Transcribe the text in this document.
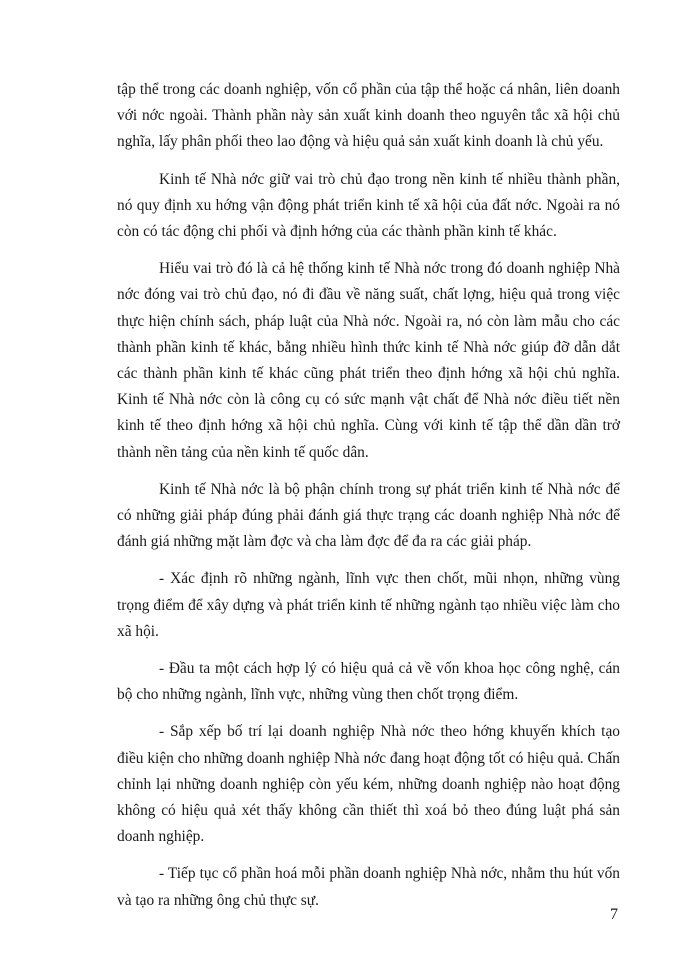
tập thể trong các doanh nghiệp, vốn cổ phần của tập thể hoặc cá nhân, liên doanh với nớc ngoài. Thành phần này sản xuất kinh doanh theo nguyên tắc xã hội chủ nghĩa, lấy phân phối theo lao động và hiệu quả sản xuất kinh doanh là chủ yếu.

Kinh tế Nhà nớc giữ vai trò chủ đạo trong nền kinh tế nhiều thành phần, nó quy định xu hớng vận động phát triển kinh tế xã hội của đất nớc. Ngoài ra nó còn có tác động chi phối và định hớng của các thành phần kinh tế khác.

Hiểu vai trò đó là cả hệ thống kinh tế Nhà nớc trong đó doanh nghiệp Nhà nớc đóng vai trò chủ đạo, nó đi đầu về năng suất, chất lợng, hiệu quả trong việc thực hiện chính sách, pháp luật của Nhà nớc. Ngoài ra, nó còn làm mẫu cho các thành phần kinh tế khác, bằng nhiều hình thức kinh tế Nhà nớc giúp đỡ dẫn dắt các thành phần kinh tế khác cũng phát triển theo định hớng xã hội chủ nghĩa. Kinh tế Nhà nớc còn là công cụ có sức mạnh vật chất để Nhà nớc điều tiết nền kinh tế theo định hớng xã hội chủ nghĩa. Cùng với kinh tế tập thể dần dần trở thành nền tảng của nền kinh tế quốc dân.

Kinh tế Nhà nớc là bộ phận chính trong sự phát triển kinh tế Nhà nớc để có những giải pháp đúng phải đánh giá thực trạng các doanh nghiệp Nhà nớc để đánh giá những mặt làm đợc và cha làm đợc để đa ra các giải pháp.

- Xác định rõ những ngành, lĩnh vực then chốt, mũi nhọn, những vùng trọng điểm để xây dựng và phát triển kinh tế những ngành tạo nhiều việc làm cho xã hội.

- Đầu ta một cách hợp lý có hiệu quả cả về vốn khoa học công nghệ, cán bộ cho những ngành, lĩnh vực, những vùng then chốt trọng điểm.

- Sắp xếp bố trí lại doanh nghiệp Nhà nớc theo hớng khuyến khích tạo điều kiện cho những doanh nghiệp Nhà nớc đang hoạt động tốt có hiệu quả. Chấn chỉnh lại những doanh nghiệp còn yếu kém, những doanh nghiệp nào hoạt động không có hiệu quả xét thấy không cần thiết thì xoá bỏ theo đúng luật phá sản doanh nghiệp.

- Tiếp tục cổ phần hoá mỗi phần doanh nghiệp Nhà nớc, nhằm thu hút vốn và tạo ra những ông chủ thực sự.

7
